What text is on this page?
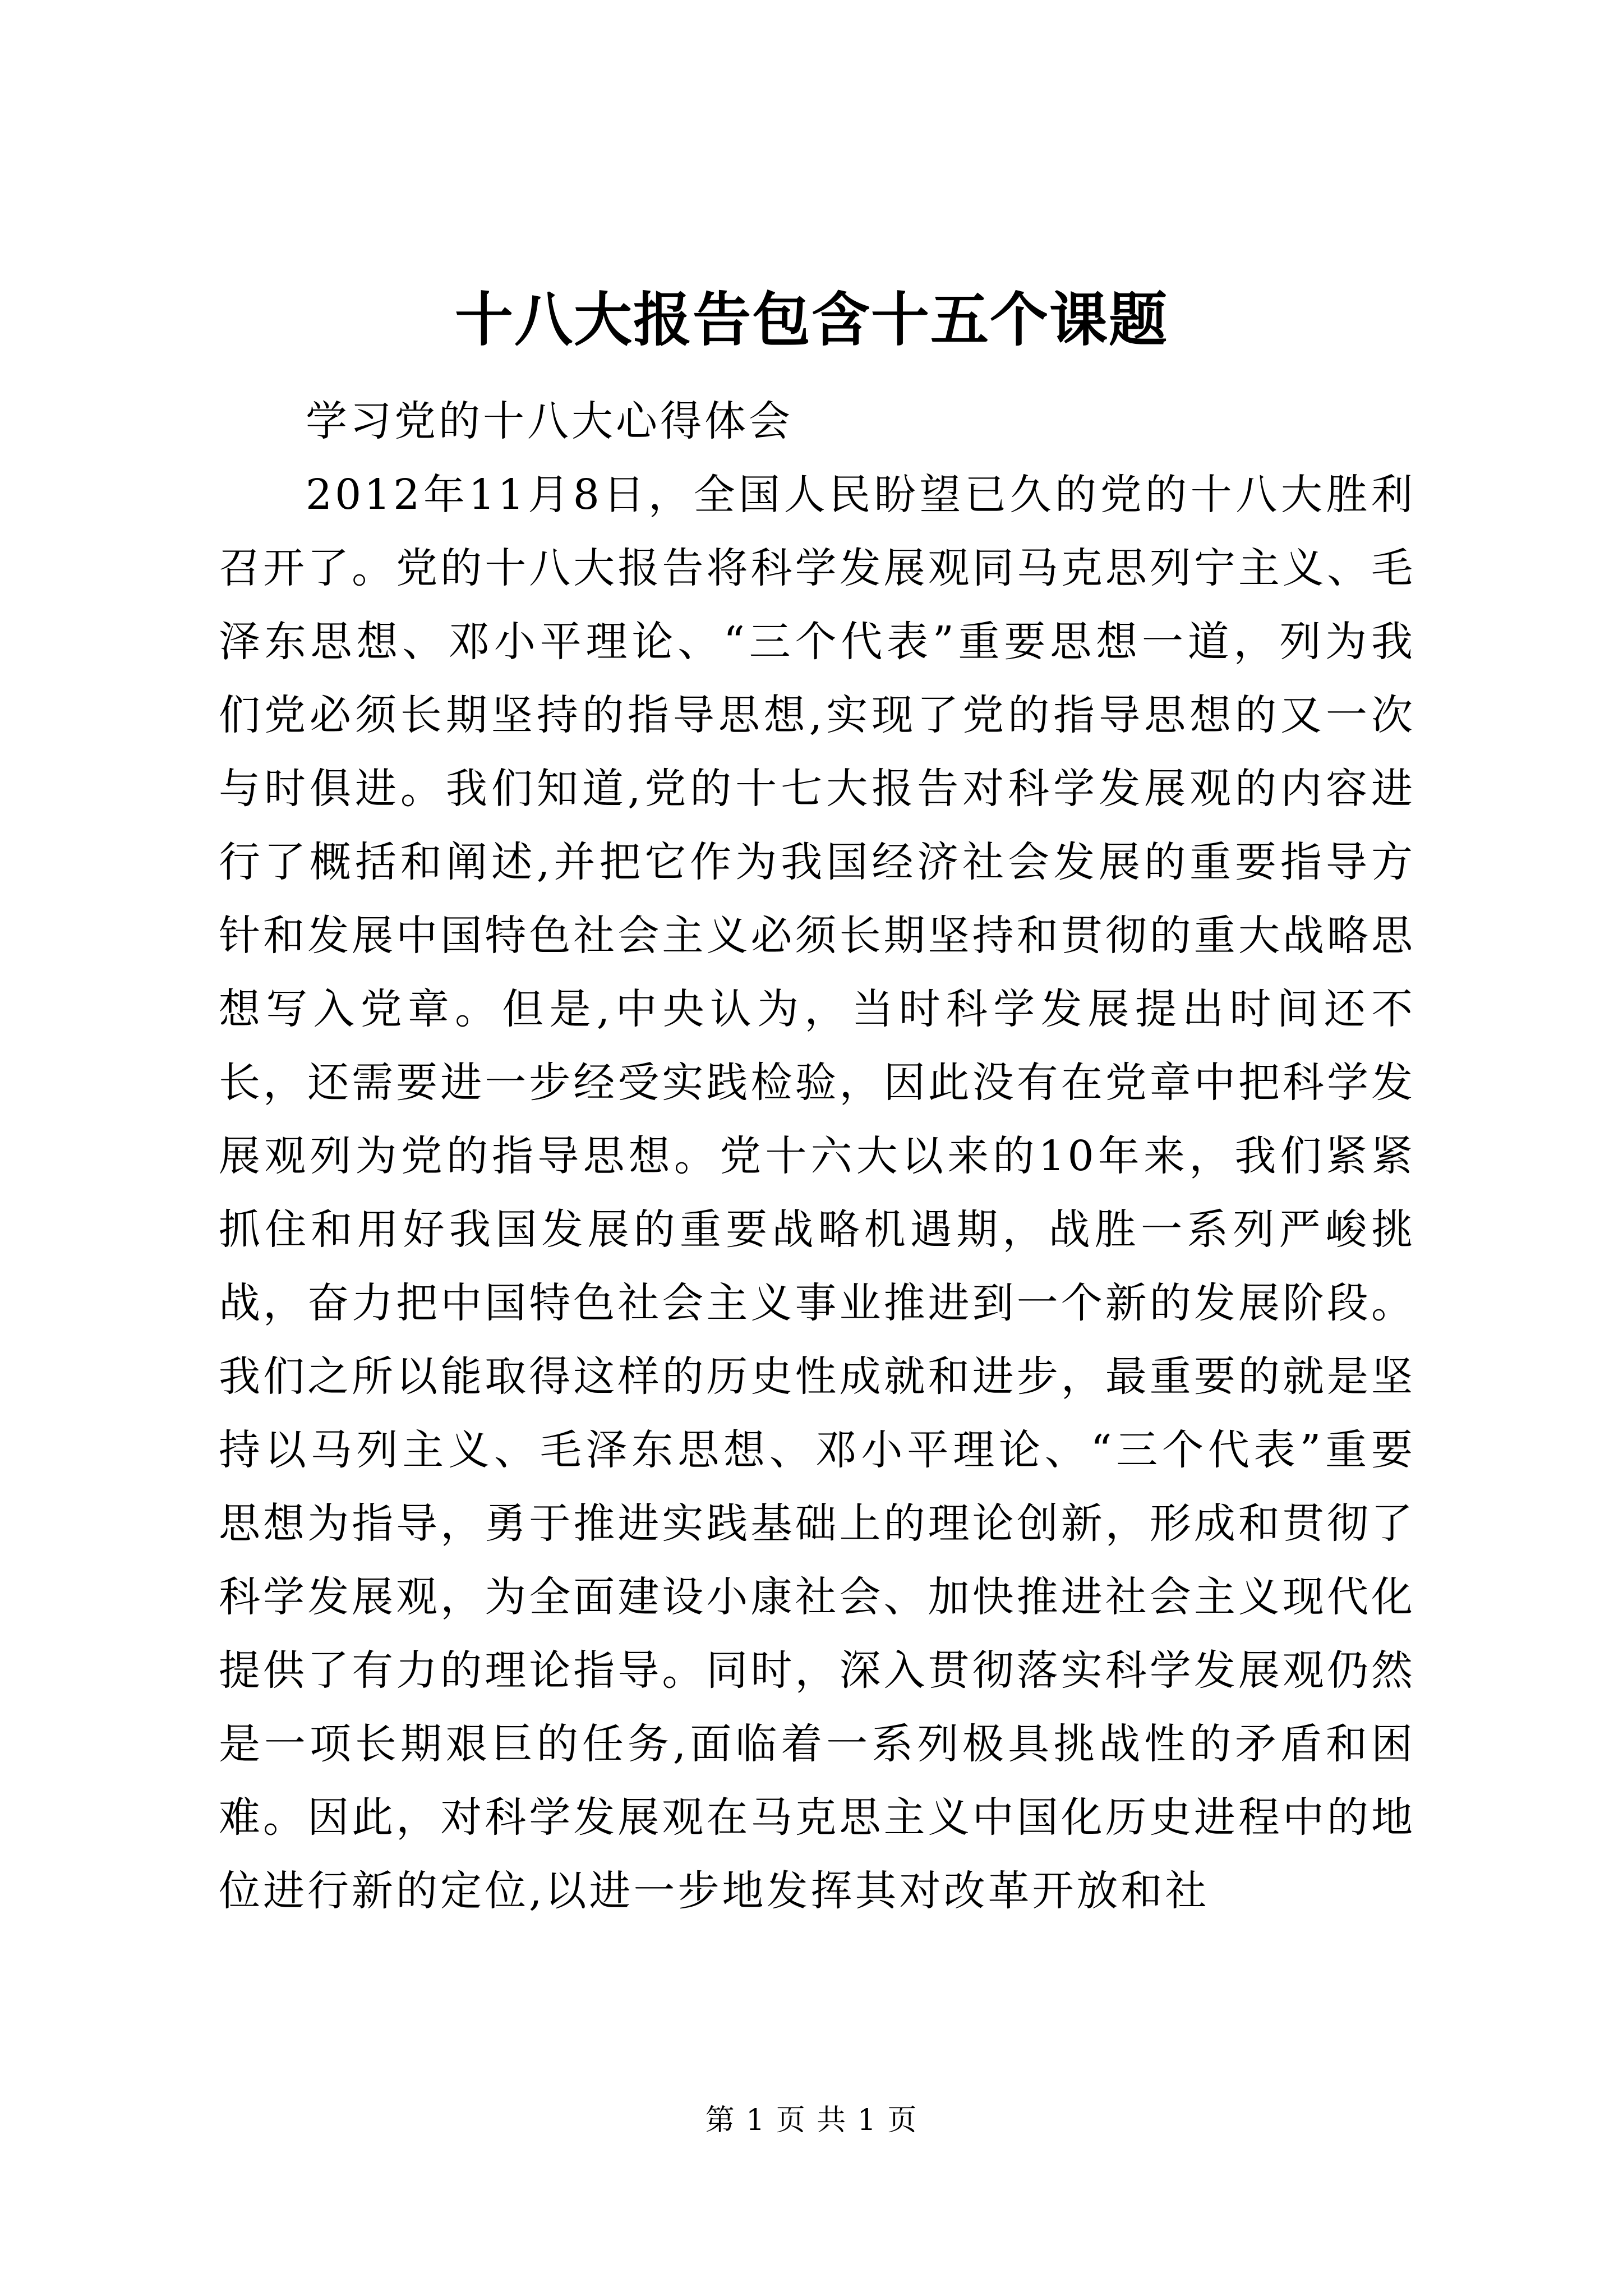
十八大报告包含十五个课题

学习党的十八大心得体会

2012年11月8日，全国人民盼望已久的党的十八大胜利召开了。党的十八大报告将科学发展观同马克思列宁主义、毛泽东思想、邓小平理论、“三个代表”重要思想一道，列为我们党必须长期坚持的指导思想,实现了党的指导思想的又一次与时俱进。我们知道,党的十七大报告对科学发展观的内容进行了概括和阐述,并把它作为我国经济社会发展的重要指导方针和发展中国特色社会主义必须长期坚持和贯彻的重大战略思想写入党章。但是,中央认为，当时科学发展提出时间还不长，还需要进一步经受实践检验，因此没有在党章中把科学发展观列为党的指导思想。党十六大以来的10年来，我们紧紧抓住和用好我国发展的重要战略机遇期，战胜一系列严峻挑战，奋力把中国特色社会主义事业推进到一个新的发展阶段。我们之所以能取得这样的历史性成就和进步，最重要的就是坚持以马列主义、毛泽东思想、邓小平理论、“三个代表”重要思想为指导，勇于推进实践基础上的理论创新，形成和贯彻了科学发展观，为全面建设小康社会、加快推进社会主义现代化提供了有力的理论指导。同时，深入贯彻落实科学发展观仍然是一项长期艰巨的任务,面临着一系列极具挑战性的矛盾和困难。因此，对科学发展观在马克思主义中国化历史进程中的地位进行新的定位,以进一步地发挥其对改革开放和社

第 1 页 共 1 页
